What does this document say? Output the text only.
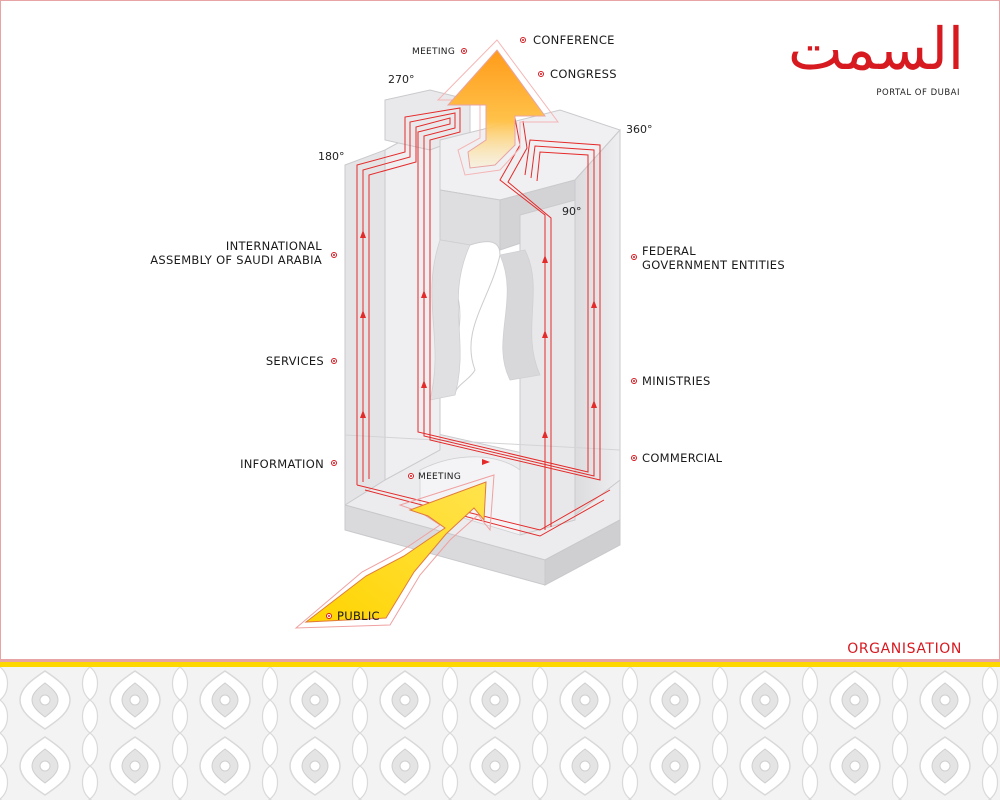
السمت
PORTAL OF DUBAI
270°
180°
360°
90°
MEETING
CONFERENCE
CONGRESS
INTERNATIONAL
ASSEMBLY OF SAUDI ARABIA
SERVICES
INFORMATION
MEETING
FEDERAL
GOVERNMENT ENTITIES
MINISTRIES
COMMERCIAL
PUBLIC
ORGANISATION
